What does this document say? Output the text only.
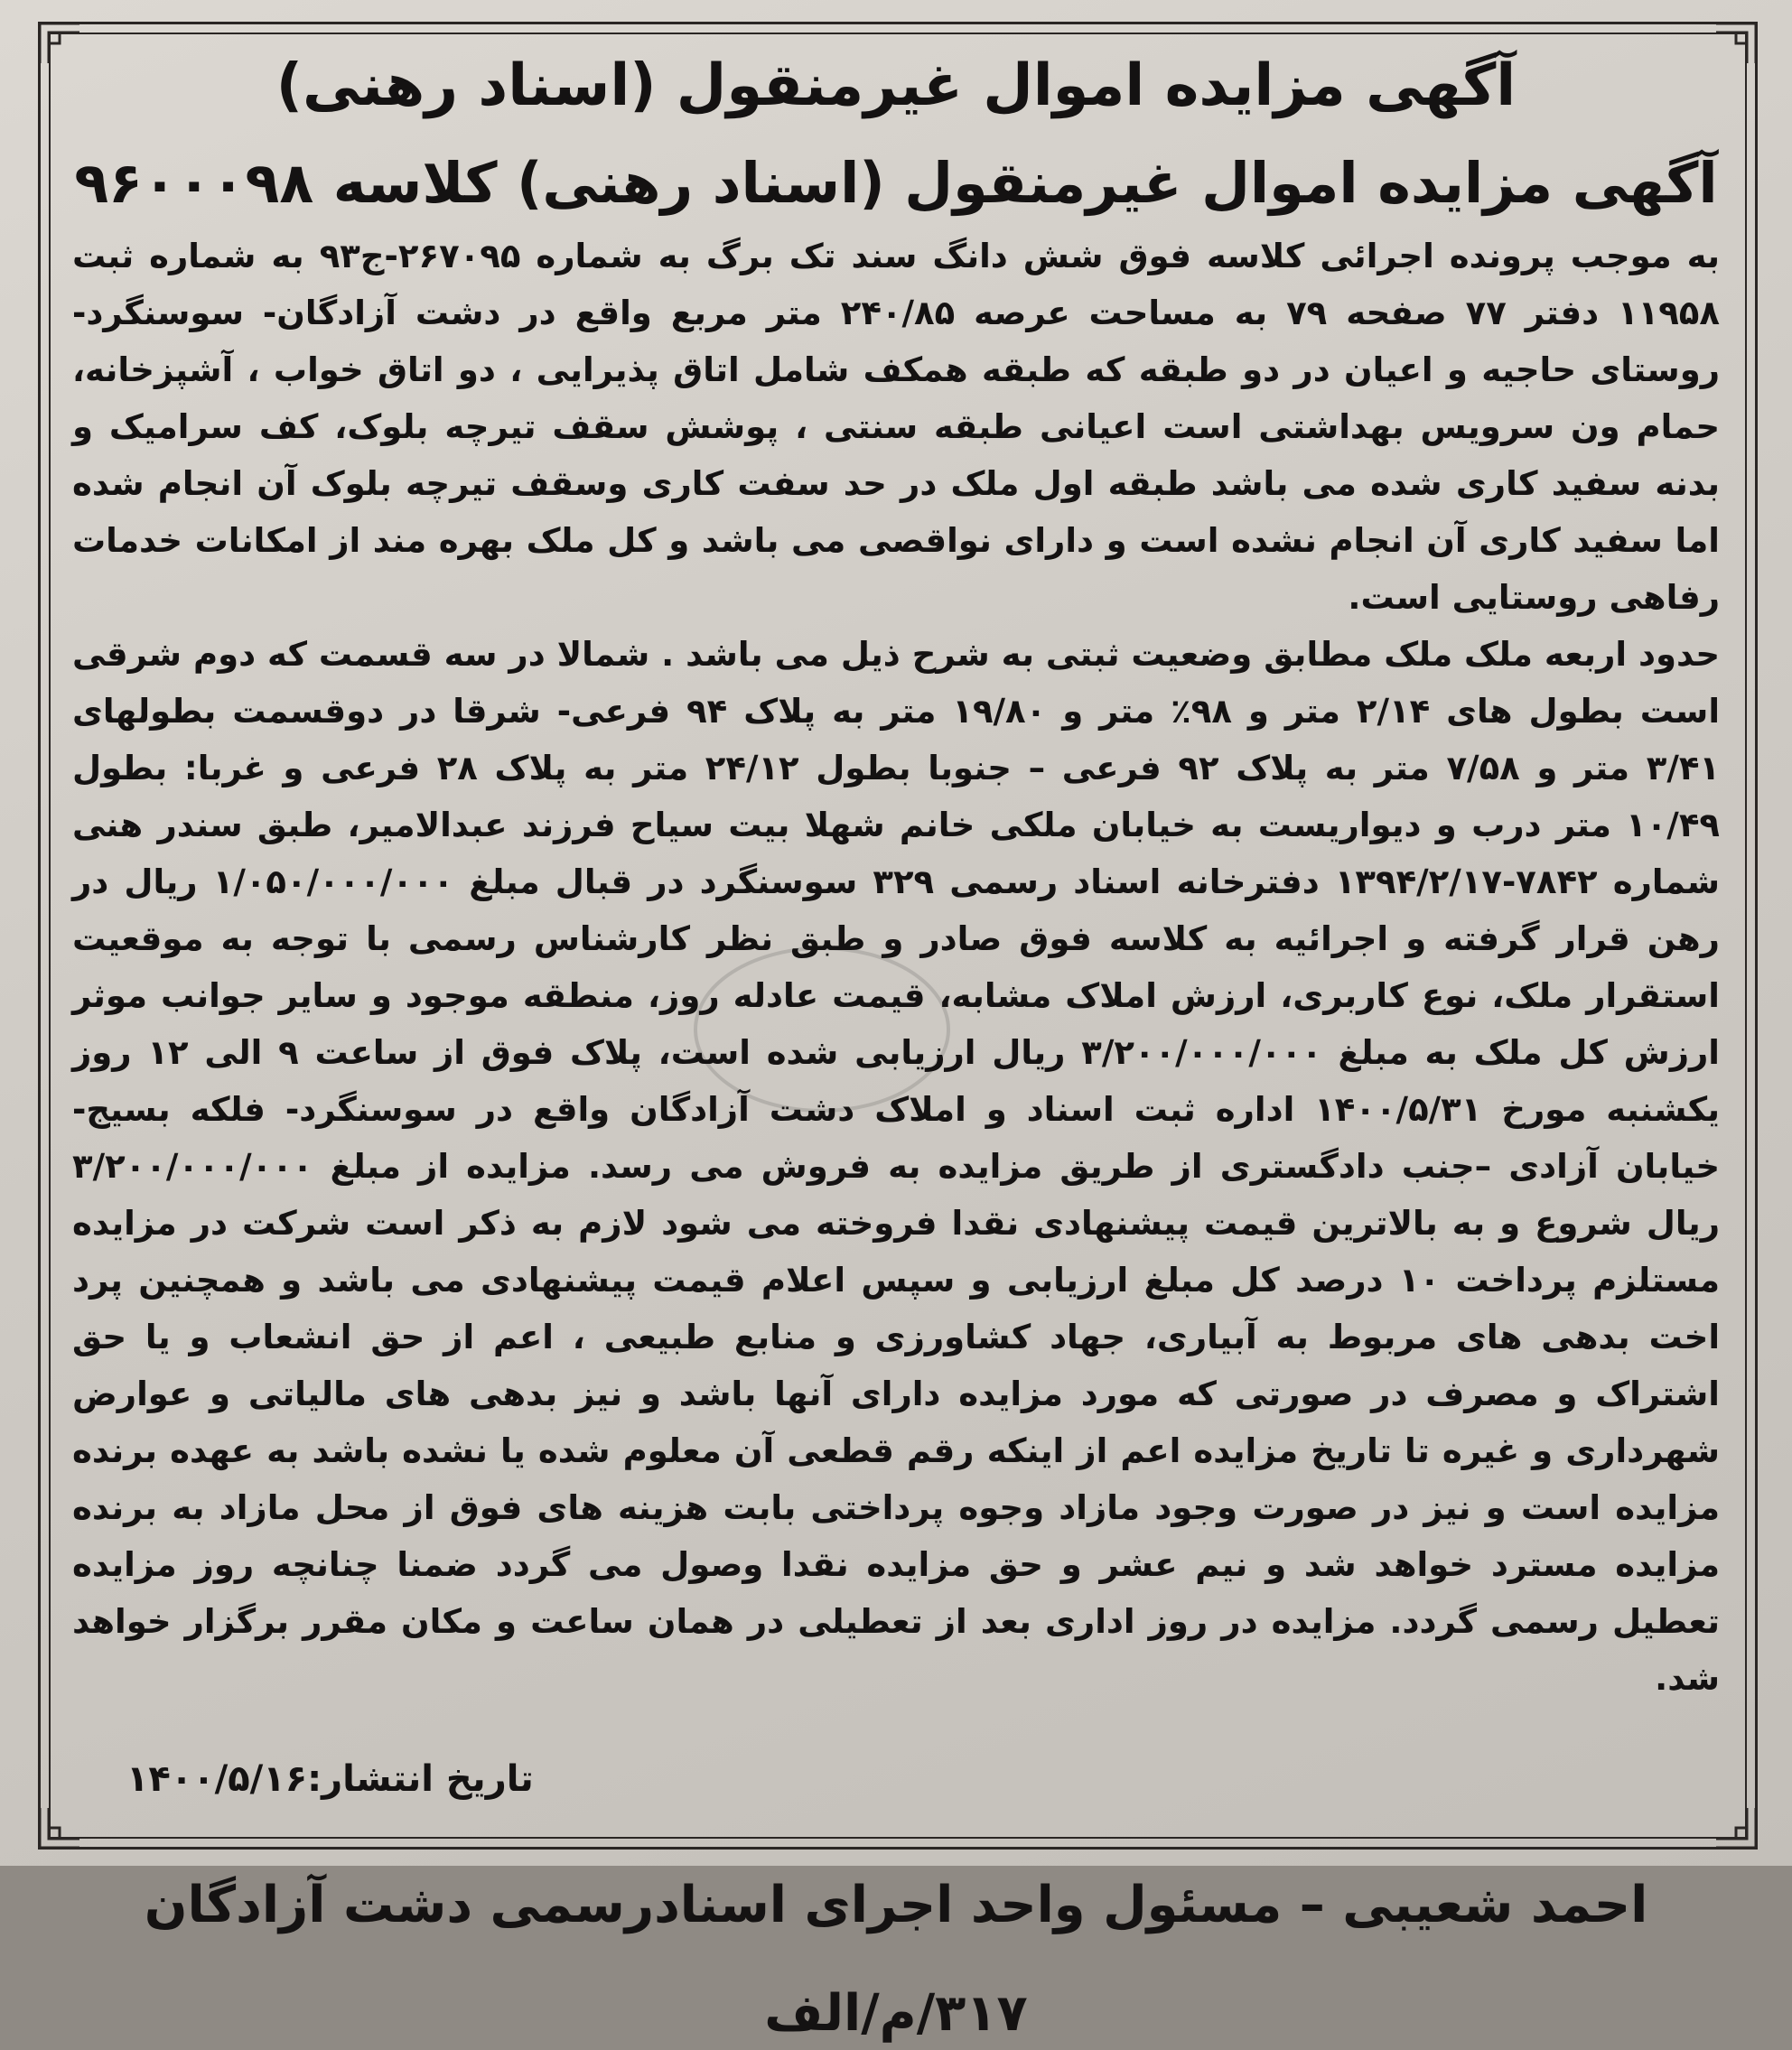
آگهی مزایده اموال غیرمنقول (اسناد رهنی)
آگهی مزایده اموال غیرمنقول (اسناد رهنی) کلاسه ۹۶۰۰۰۹۸

به موجب پرونده اجرائی کلاسه فوق شش دانگ سند تک برگ به شماره ۲۶۷۰۹۵-ج۹۳ به شماره ثبت ۱۱۹۵۸ دفتر ۷۷ صفحه ۷۹ به مساحت عرصه ۲۴۰/۸۵ متر مربع واقع در دشت آزادگان- سوسنگرد- روستای حاجیه و اعیان در دو طبقه که طبقه همکف شامل اتاق پذیرایی ، دو اتاق خواب ، آشپزخانه، حمام ون سرویس بهداشتی است اعیانی طبقه سنتی ، پوشش سقف تیرچه بلوک، کف سرامیک و بدنه سفید کاری شده می باشد طبقه اول ملک در حد سفت کاری وسقف تیرچه بلوک آن انجام شده اما سفید کاری آن انجام نشده است و دارای نواقصی می باشد و کل ملک بهره مند از امکانات خدمات رفاهی روستایی است.

حدود اربعه ملک ملک مطابق وضعیت ثبتی به شرح ذیل می باشد . شمالا در سه قسمت که دوم شرقی است بطول های ۲/۱۴ متر و ۹۸٪ متر و ۱۹/۸۰ متر به پلاک ۹۴ فرعی- شرقا در دوقسمت بطولهای ۳/۴۱ متر و ۷/۵۸ متر به پلاک ۹۲ فرعی – جنوبا بطول ۲۴/۱۲ متر به پلاک ۲۸ فرعی و غربا: بطول ۱۰/۴۹ متر درب و دیواریست به خیابان ملکی خانم شهلا بیت سیاح فرزند عبدالامیر، طبق سندر هنی شماره ۷۸۴۲-۱۳۹۴/۲/۱۷ دفترخانه اسناد رسمی ۳۲۹ سوسنگرد در قبال مبلغ ۱/۰۵۰/۰۰۰/۰۰۰ ریال در رهن قرار گرفته و اجرائیه به کلاسه فوق صادر و طبق نظر کارشناس رسمی با توجه به موقعیت استقرار ملک، نوع کاربری، ارزش املاک مشابه، قیمت عادله روز، منطقه موجود و سایر جوانب موثر ارزش کل ملک به مبلغ ۳/۲۰۰/۰۰۰/۰۰۰ ریال ارزیابی شده است، پلاک فوق از ساعت ۹ الی ۱۲ روز یکشنبه مورخ ۱۴۰۰/۵/۳۱ اداره ثبت اسناد و املاک دشت آزادگان واقع در سوسنگرد- فلکه بسیج- خیابان آزادی –جنب دادگستری از طریق مزایده به فروش می رسد. مزایده از مبلغ ۳/۲۰۰/۰۰۰/۰۰۰ ریال شروع و به بالاترین قیمت پیشنهادی نقدا فروخته می شود لازم به ذکر است شرکت در مزایده مستلزم پرداخت ۱۰ درصد کل مبلغ ارزیابی و سپس اعلام قیمت پیشنهادی می باشد و همچنین پرد اخت بدهی های مربوط به آبیاری، جهاد کشاورزی و منابع طبیعی ، اعم از حق انشعاب و یا حق اشتراک و مصرف در صورتی که مورد مزایده دارای آنها باشد و نیز بدهی های مالیاتی و عوارض شهرداری و غیره تا تاریخ مزایده اعم از اینکه رقم قطعی آن معلوم شده یا نشده باشد به عهده برنده مزایده است و نیز در صورت وجود مازاد وجوه پرداختی بابت هزینه های فوق از محل مازاد به برنده مزایده مسترد خواهد شد و نیم عشر و حق مزایده نقدا وصول می گردد ضمنا چنانچه روز مزایده تعطیل رسمی گردد. مزایده در روز اداری بعد از تعطیلی در همان ساعت و مکان مقرر برگزار خواهد شد.

تاریخ انتشار:۱۴۰۰/۵/۱۶
احمد شعیبی – مسئول واحد اجرای اسنادرسمی دشت آزادگان
۳۱۷/م/الف
